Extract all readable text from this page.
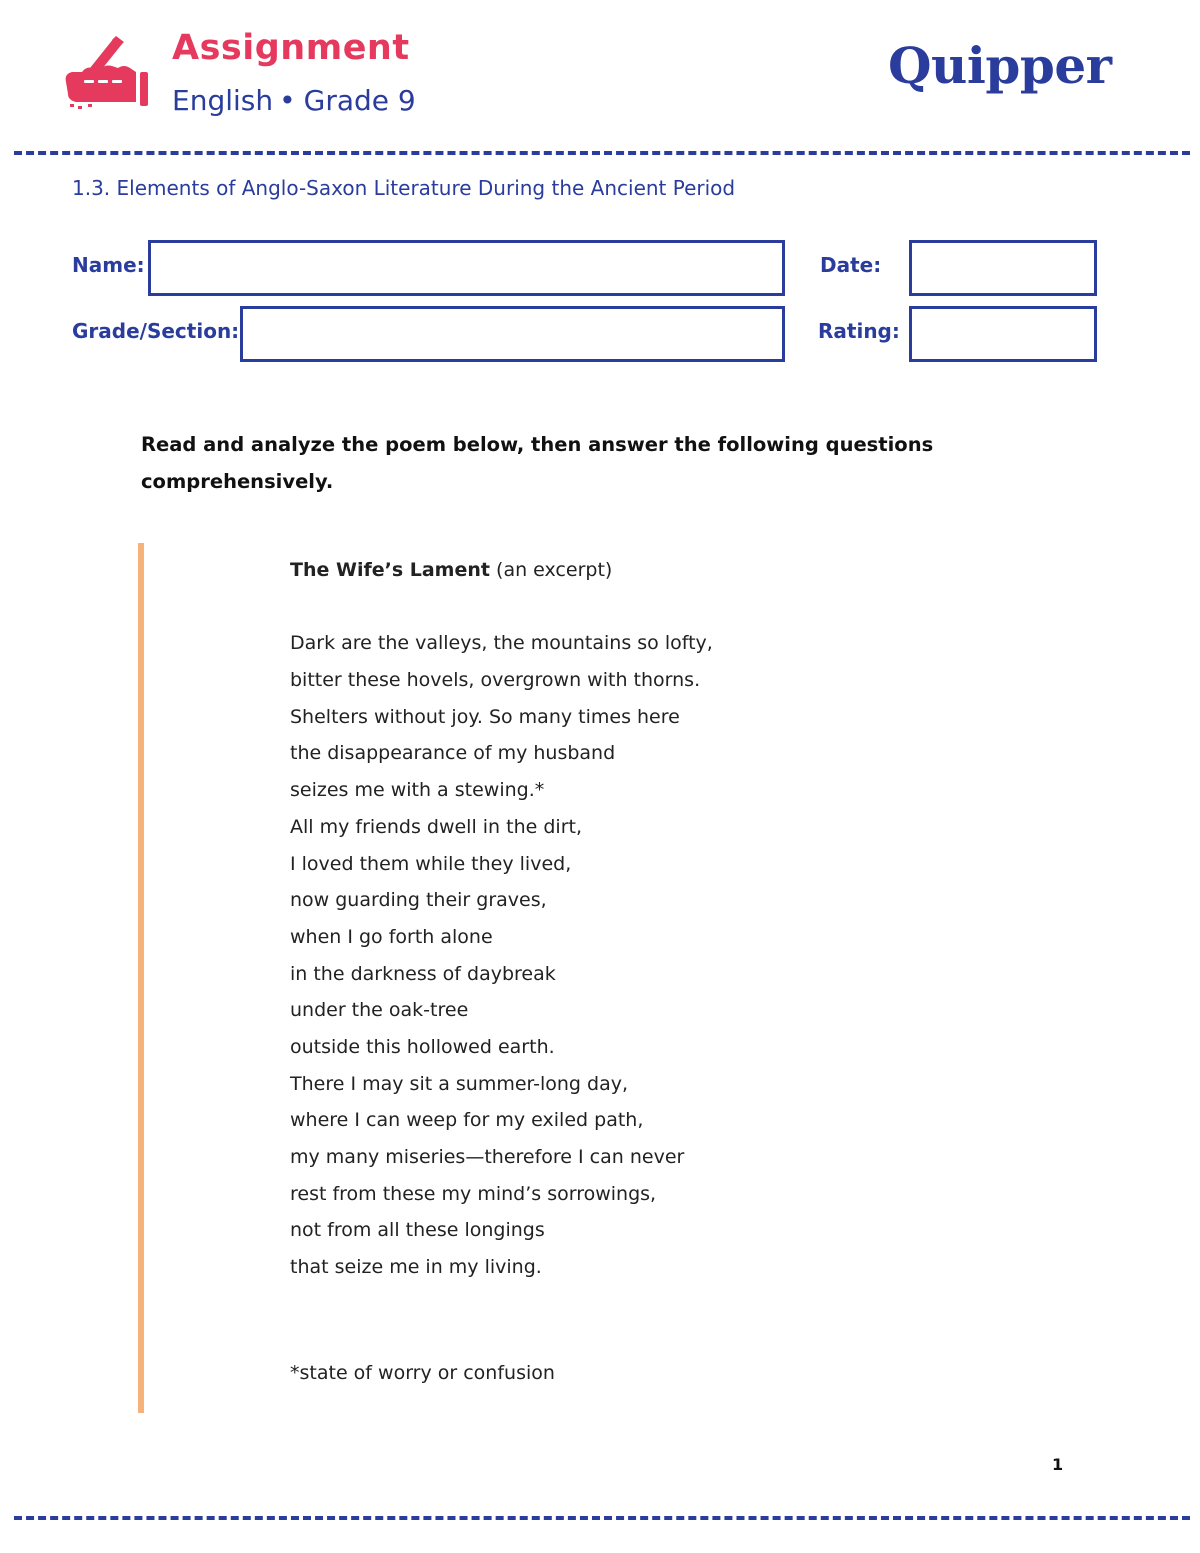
Assignment
English • Grade 9
Quipper
1.3. Elements of Anglo-Saxon Literature During the Ancient Period
Name:	Date:
Grade/Section:	Rating:
Read and analyze the poem below, then answer the following questions comprehensively.
The Wife’s Lament (an excerpt)
Dark are the valleys, the mountains so lofty,
bitter these hovels, overgrown with thorns.
Shelters without joy. So many times here
the disappearance of my husband
seizes me with a stewing.*
All my friends dwell in the dirt,
I loved them while they lived,
now guarding their graves,
when I go forth alone
in the darkness of daybreak
under the oak-tree
outside this hollowed earth.
There I may sit a summer-long day,
where I can weep for my exiled path,
my many miseries—therefore I can never
rest from these my mind’s sorrowings,
not from all these longings
that seize me in my living.
*state of worry or confusion
1
